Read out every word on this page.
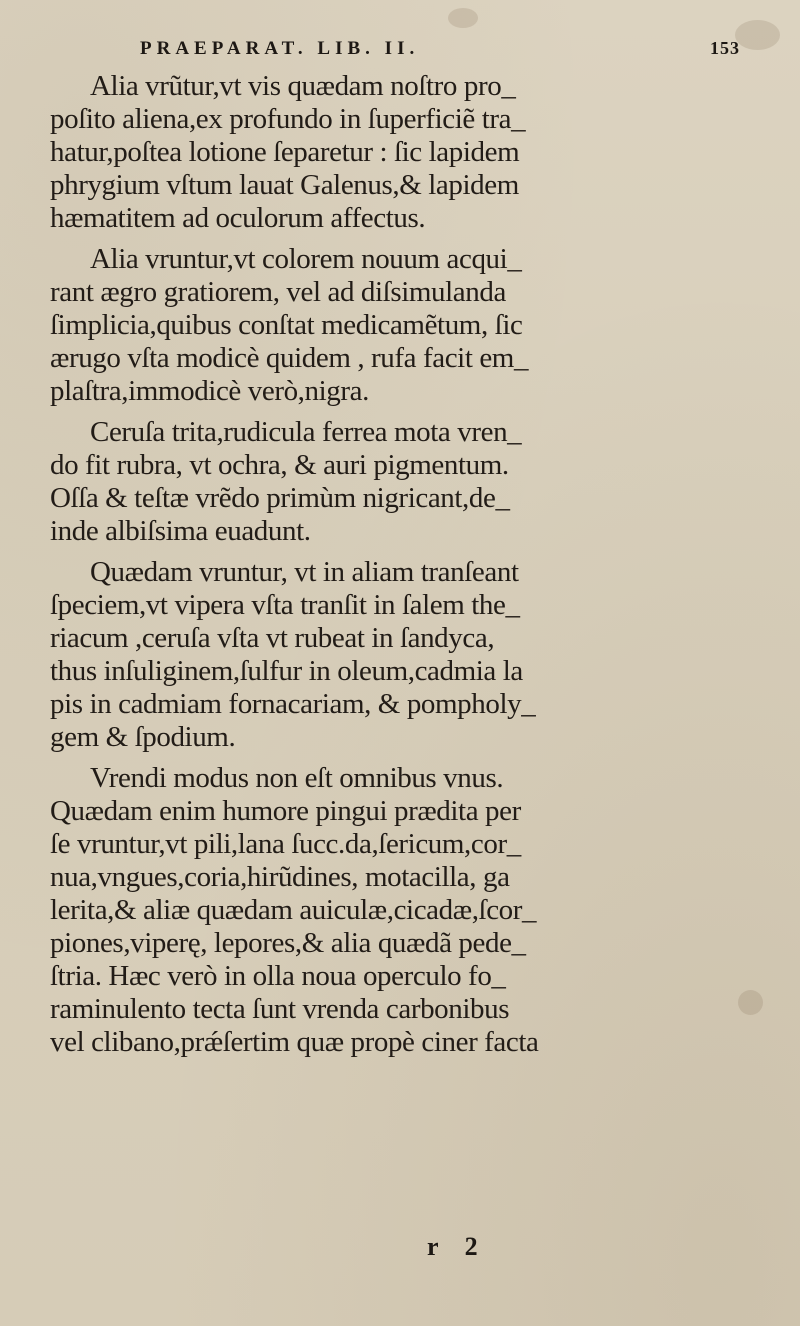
PRAEPARAT. LIB. II.	153
Alia vrũtur,vt vis quædam noſtro pro_
poſito aliena,ex profundo in ſuperficiẽ tra_
hatur,poſtea lotione ſeparetur : ſic lapidem
phrygium vſtum lauat Galenus,& lapidem
hæmatitem ad oculorum affectus.
Alia vruntur,vt colorem nouum acqui_
rant ægro gratiorem, vel ad diſsimulanda
ſimplicia,quibus conſtat medicamẽtum, ſic
ærugo vſta modicè quidem , rufa facit em_
plaſtra,immodicè verò,nigra.
Ceruſa trita,rudicula ferrea mota vren_
do fit rubra, vt ochra, & auri pigmentum.
Oſſa & teſtæ vrẽdo primùm nigricant,de_
inde albiſsima euadunt.
Quædam vruntur, vt in aliam tranſeant
ſpeciem,vt vipera vſta tranſit in ſalem the_
riacum ,ceruſa vſta vt rubeat in ſandyca,
thus inſuliginem,ſulfur in oleum,cadmia la
pis in cadmiam fornacariam, & pompholy_
gem & ſpodium.
Vrendi modus non eſt omnibus vnus.
Quædam enim humore pingui prædita per
ſe vruntur,vt pili,lana ſucc.da,ſericum,cor_
nua,vngues,coria,hirũdines, motacilla, ga
lerita,& aliæ quædam auiculæ,cicadæ,ſcor_
piones,viperę, lepores,& alia quædã pede_
ſtria. Hæc verò in olla noua operculo fo_
raminulento tecta ſunt vrenda carbonibus
vel clibano,prǽſertim quæ propè ciner facta
r 2
